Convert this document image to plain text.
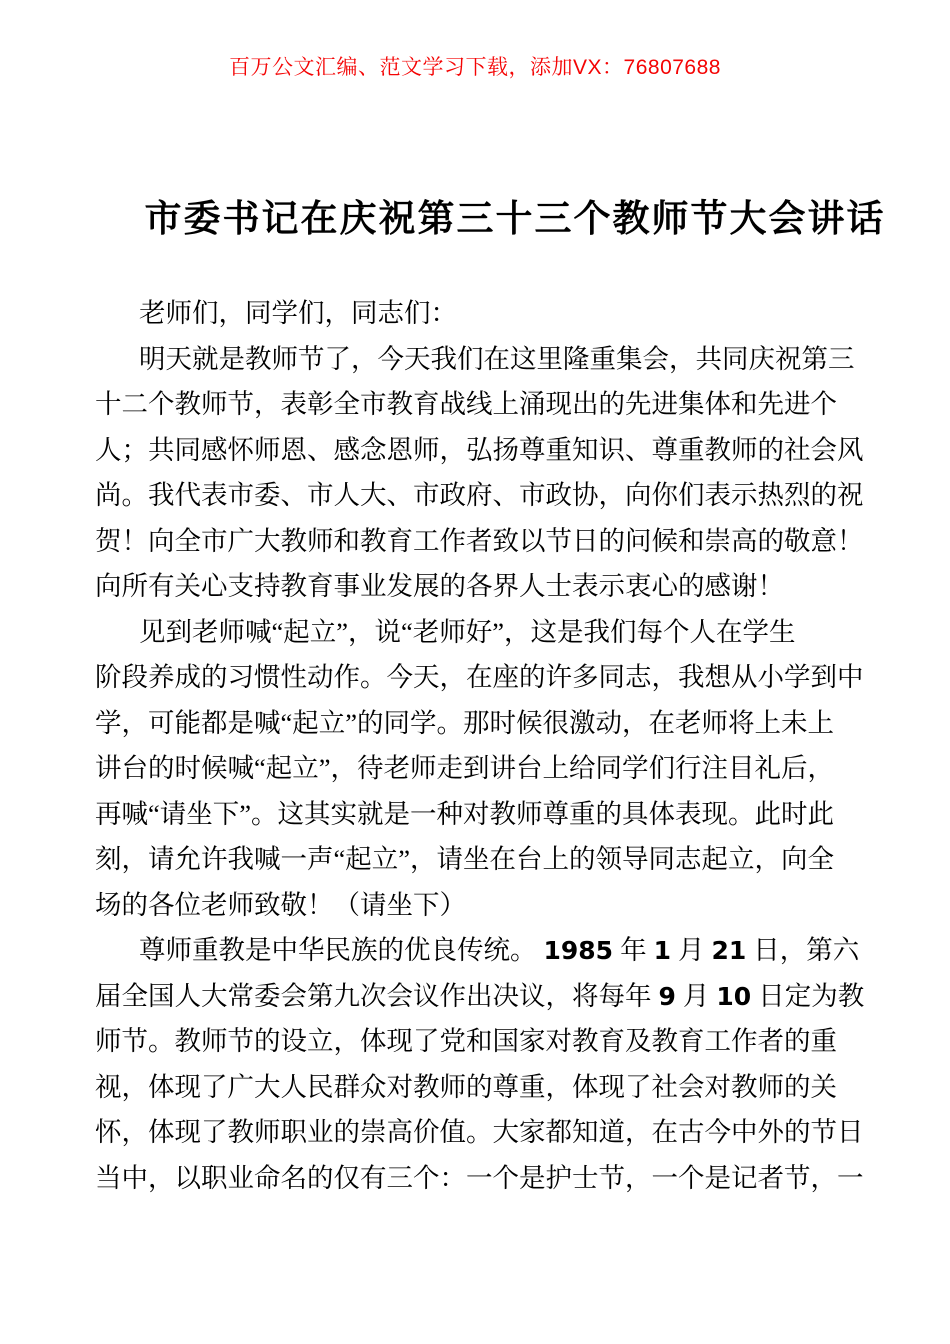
百万公文汇编、范文学习下载，添加VX：76807688
市委书记在庆祝第三十三个教师节大会讲话
老师们，同学们，同志们：
明天就是教师节了，今天我们在这里隆重集会，共同庆祝第三
十二个教师节，表彰全市教育战线上涌现出的先进集体和先进个
人；共同感怀师恩、感念恩师，弘扬尊重知识、尊重教师的社会风
尚。我代表市委、市人大、市政府、市政协，向你们表示热烈的祝
贺！向全市广大教师和教育工作者致以节日的问候和崇高的敬意！
向所有关心支持教育事业发展的各界人士表示衷心的感谢！
见到老师喊“起立”，说“老师好”，这是我们每个人在学生
阶段养成的习惯性动作。今天，在座的许多同志，我想从小学到中
学，可能都是喊“起立”的同学。那时候很激动，在老师将上未上
讲台的时候喊“起立”，待老师走到讲台上给同学们行注目礼后，
再喊“请坐下”。这其实就是一种对教师尊重的具体表现。此时此
刻，请允许我喊一声“起立”，请坐在台上的领导同志起立，向全
场的各位老师致敬！（请坐下）
尊师重教是中华民族的优良传统。 1985 年 1 月 21 日，第六
届全国人大常委会第九次会议作出决议，将每年 9 月 10 日定为教
师节。教师节的设立，体现了党和国家对教育及教育工作者的重
视，体现了广大人民群众对教师的尊重，体现了社会对教师的关
怀，体现了教师职业的崇高价值。大家都知道，在古今中外的节日
当中，以职业命名的仅有三个：一个是护士节，一个是记者节，一
